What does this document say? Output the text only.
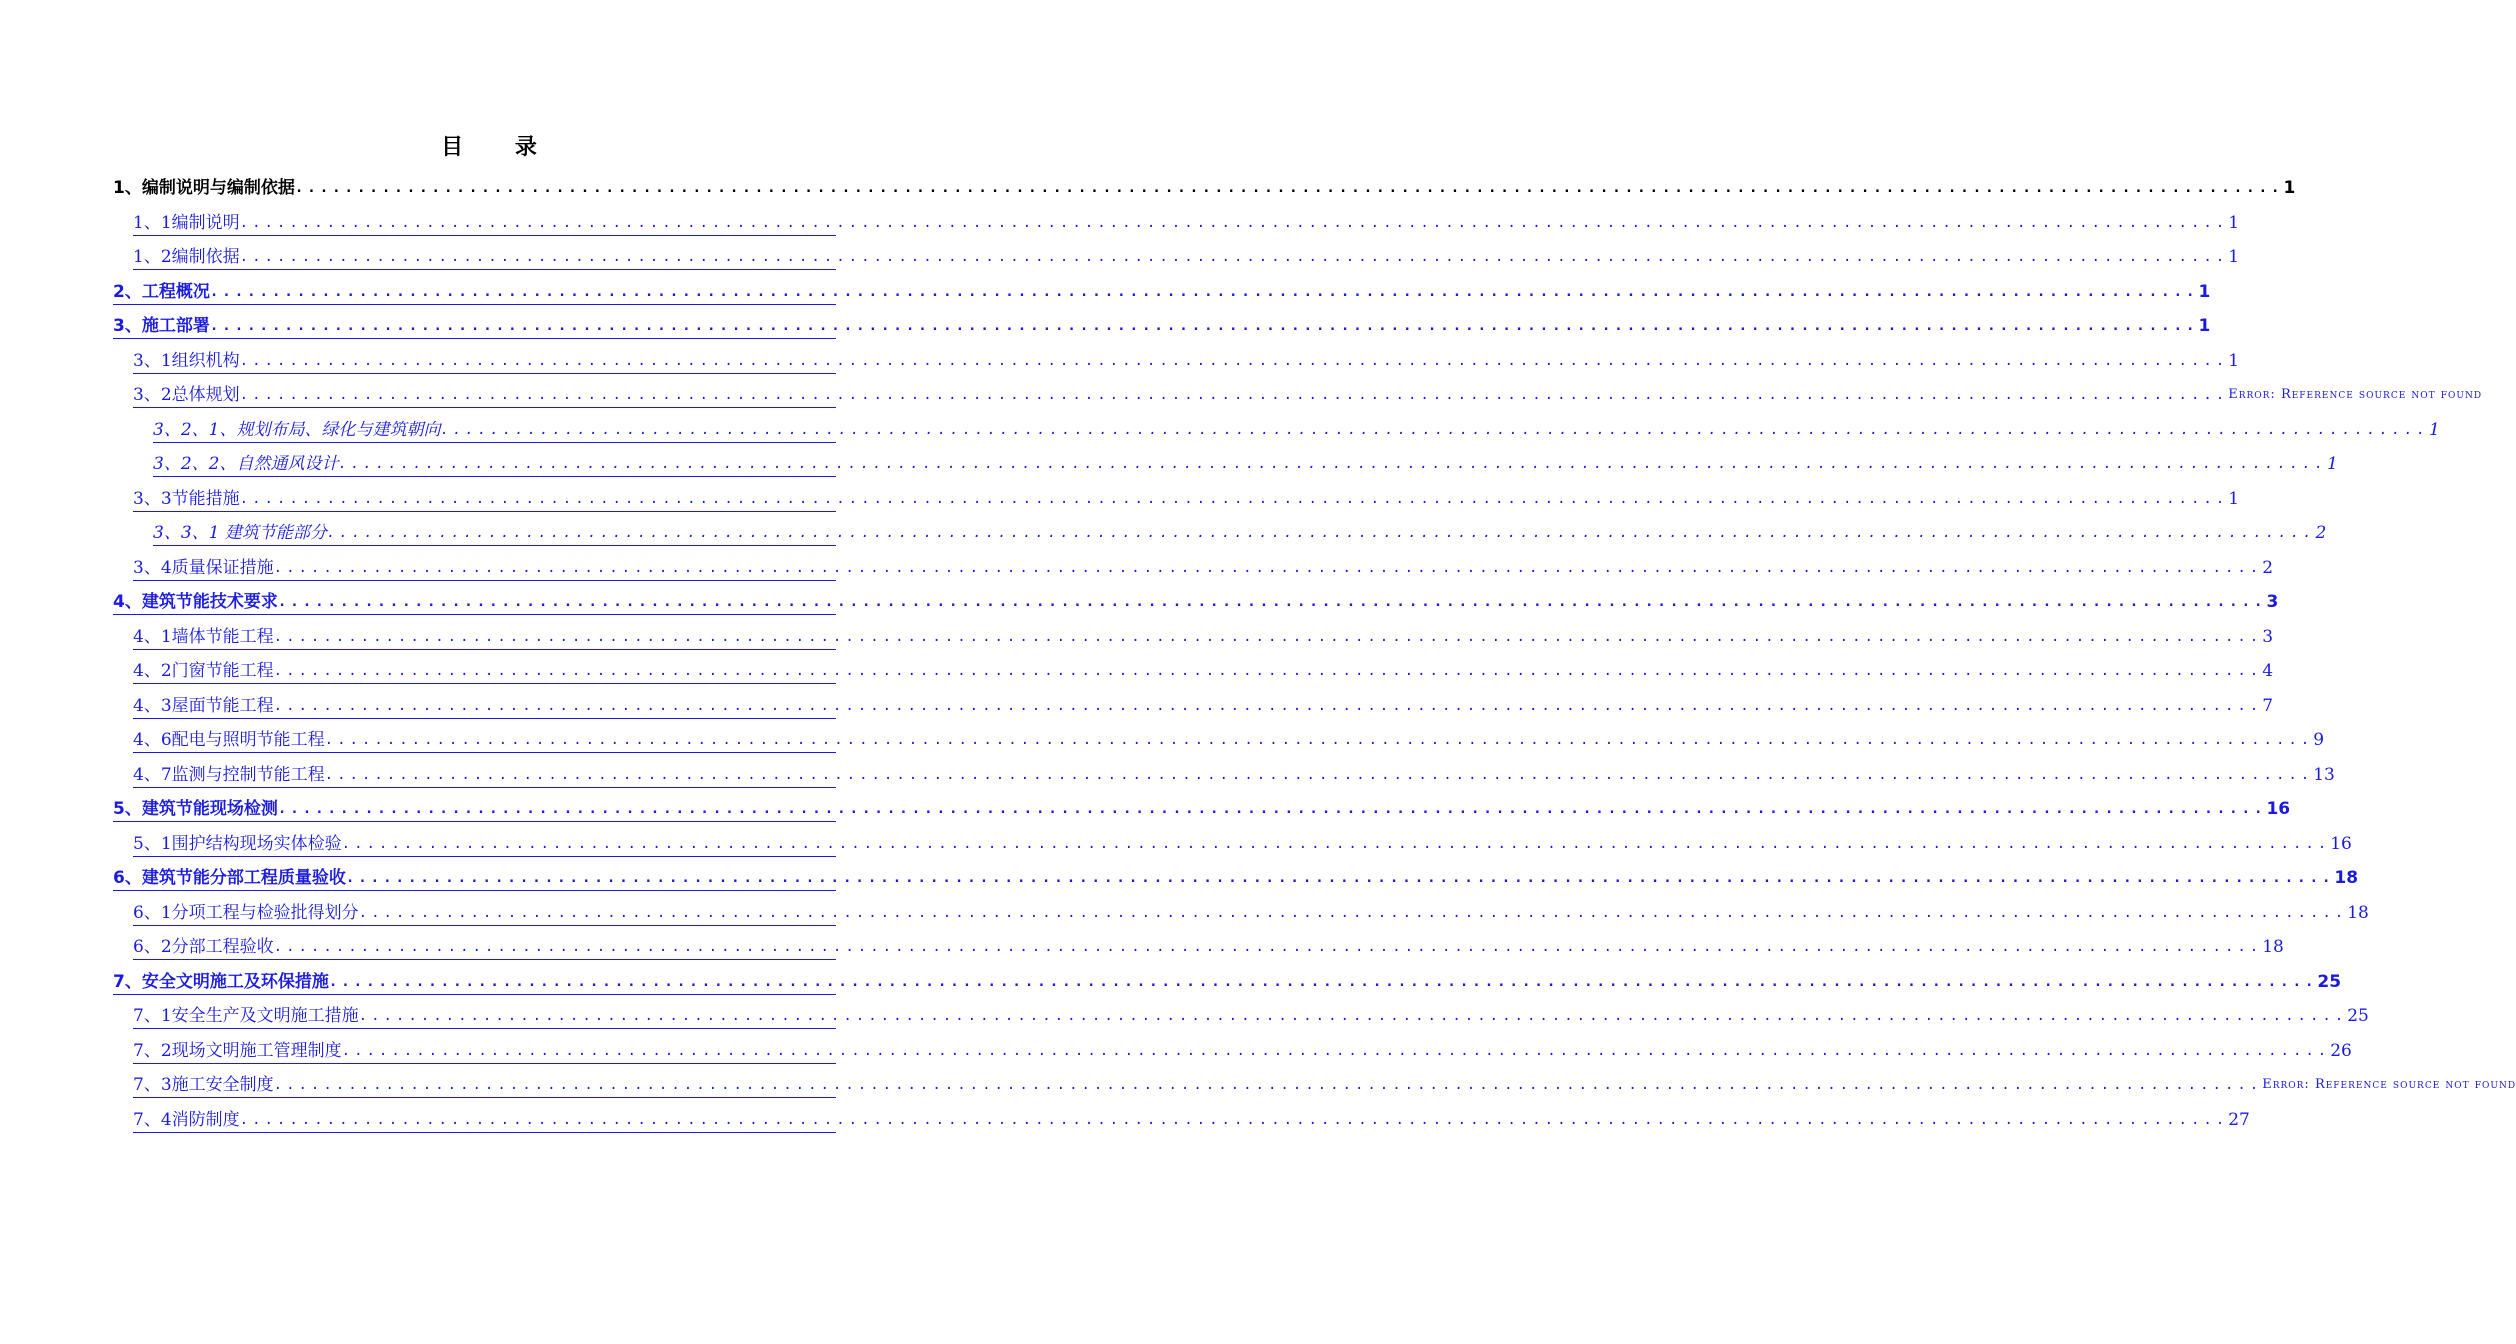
目 录
1、编制说明与编制依据 ................................................................................................................................................................ 1
1、1编制说明 ................................................................................................................................................................ 1
1、2编制依据 ................................................................................................................................................................ 1
2、工程概况 ................................................................................................................................................................ 1
3、施工部署 ................................................................................................................................................................ 1
3、1组织机构 ................................................................................................................................................................ 1
3、2总体规划 ................................................................................................................................................................ Error: Reference source not found
3、2、1、规划布局、绿化与建筑朝向 ................................................................................................................................................................ 1
3、2、2、自然通风设计 ................................................................................................................................................................ 1
3、3节能措施 ................................................................................................................................................................ 1
3、3、1 建筑节能部分 ................................................................................................................................................................ 2
3、4质量保证措施 ................................................................................................................................................................ 2
4、建筑节能技术要求 ................................................................................................................................................................ 3
4、1墙体节能工程 ................................................................................................................................................................ 3
4、2门窗节能工程 ................................................................................................................................................................ 4
4、3屋面节能工程 ................................................................................................................................................................ 7
4、6配电与照明节能工程 ................................................................................................................................................................ 9
4、7监测与控制节能工程 ................................................................................................................................................................ 13
5、建筑节能现场检测 ................................................................................................................................................................ 16
5、1围护结构现场实体检验 ................................................................................................................................................................ 16
6、建筑节能分部工程质量验收 ................................................................................................................................................................ 18
6、1分项工程与检验批得划分 ................................................................................................................................................................ 18
6、2分部工程验收 ................................................................................................................................................................ 18
7、安全文明施工及环保措施 ................................................................................................................................................................ 25
7、1安全生产及文明施工措施 ................................................................................................................................................................ 25
7、2现场文明施工管理制度 ................................................................................................................................................................ 26
7、3施工安全制度 ................................................................................................................................................................ Error: Reference source not found
7、4消防制度 ................................................................................................................................................................ 27
